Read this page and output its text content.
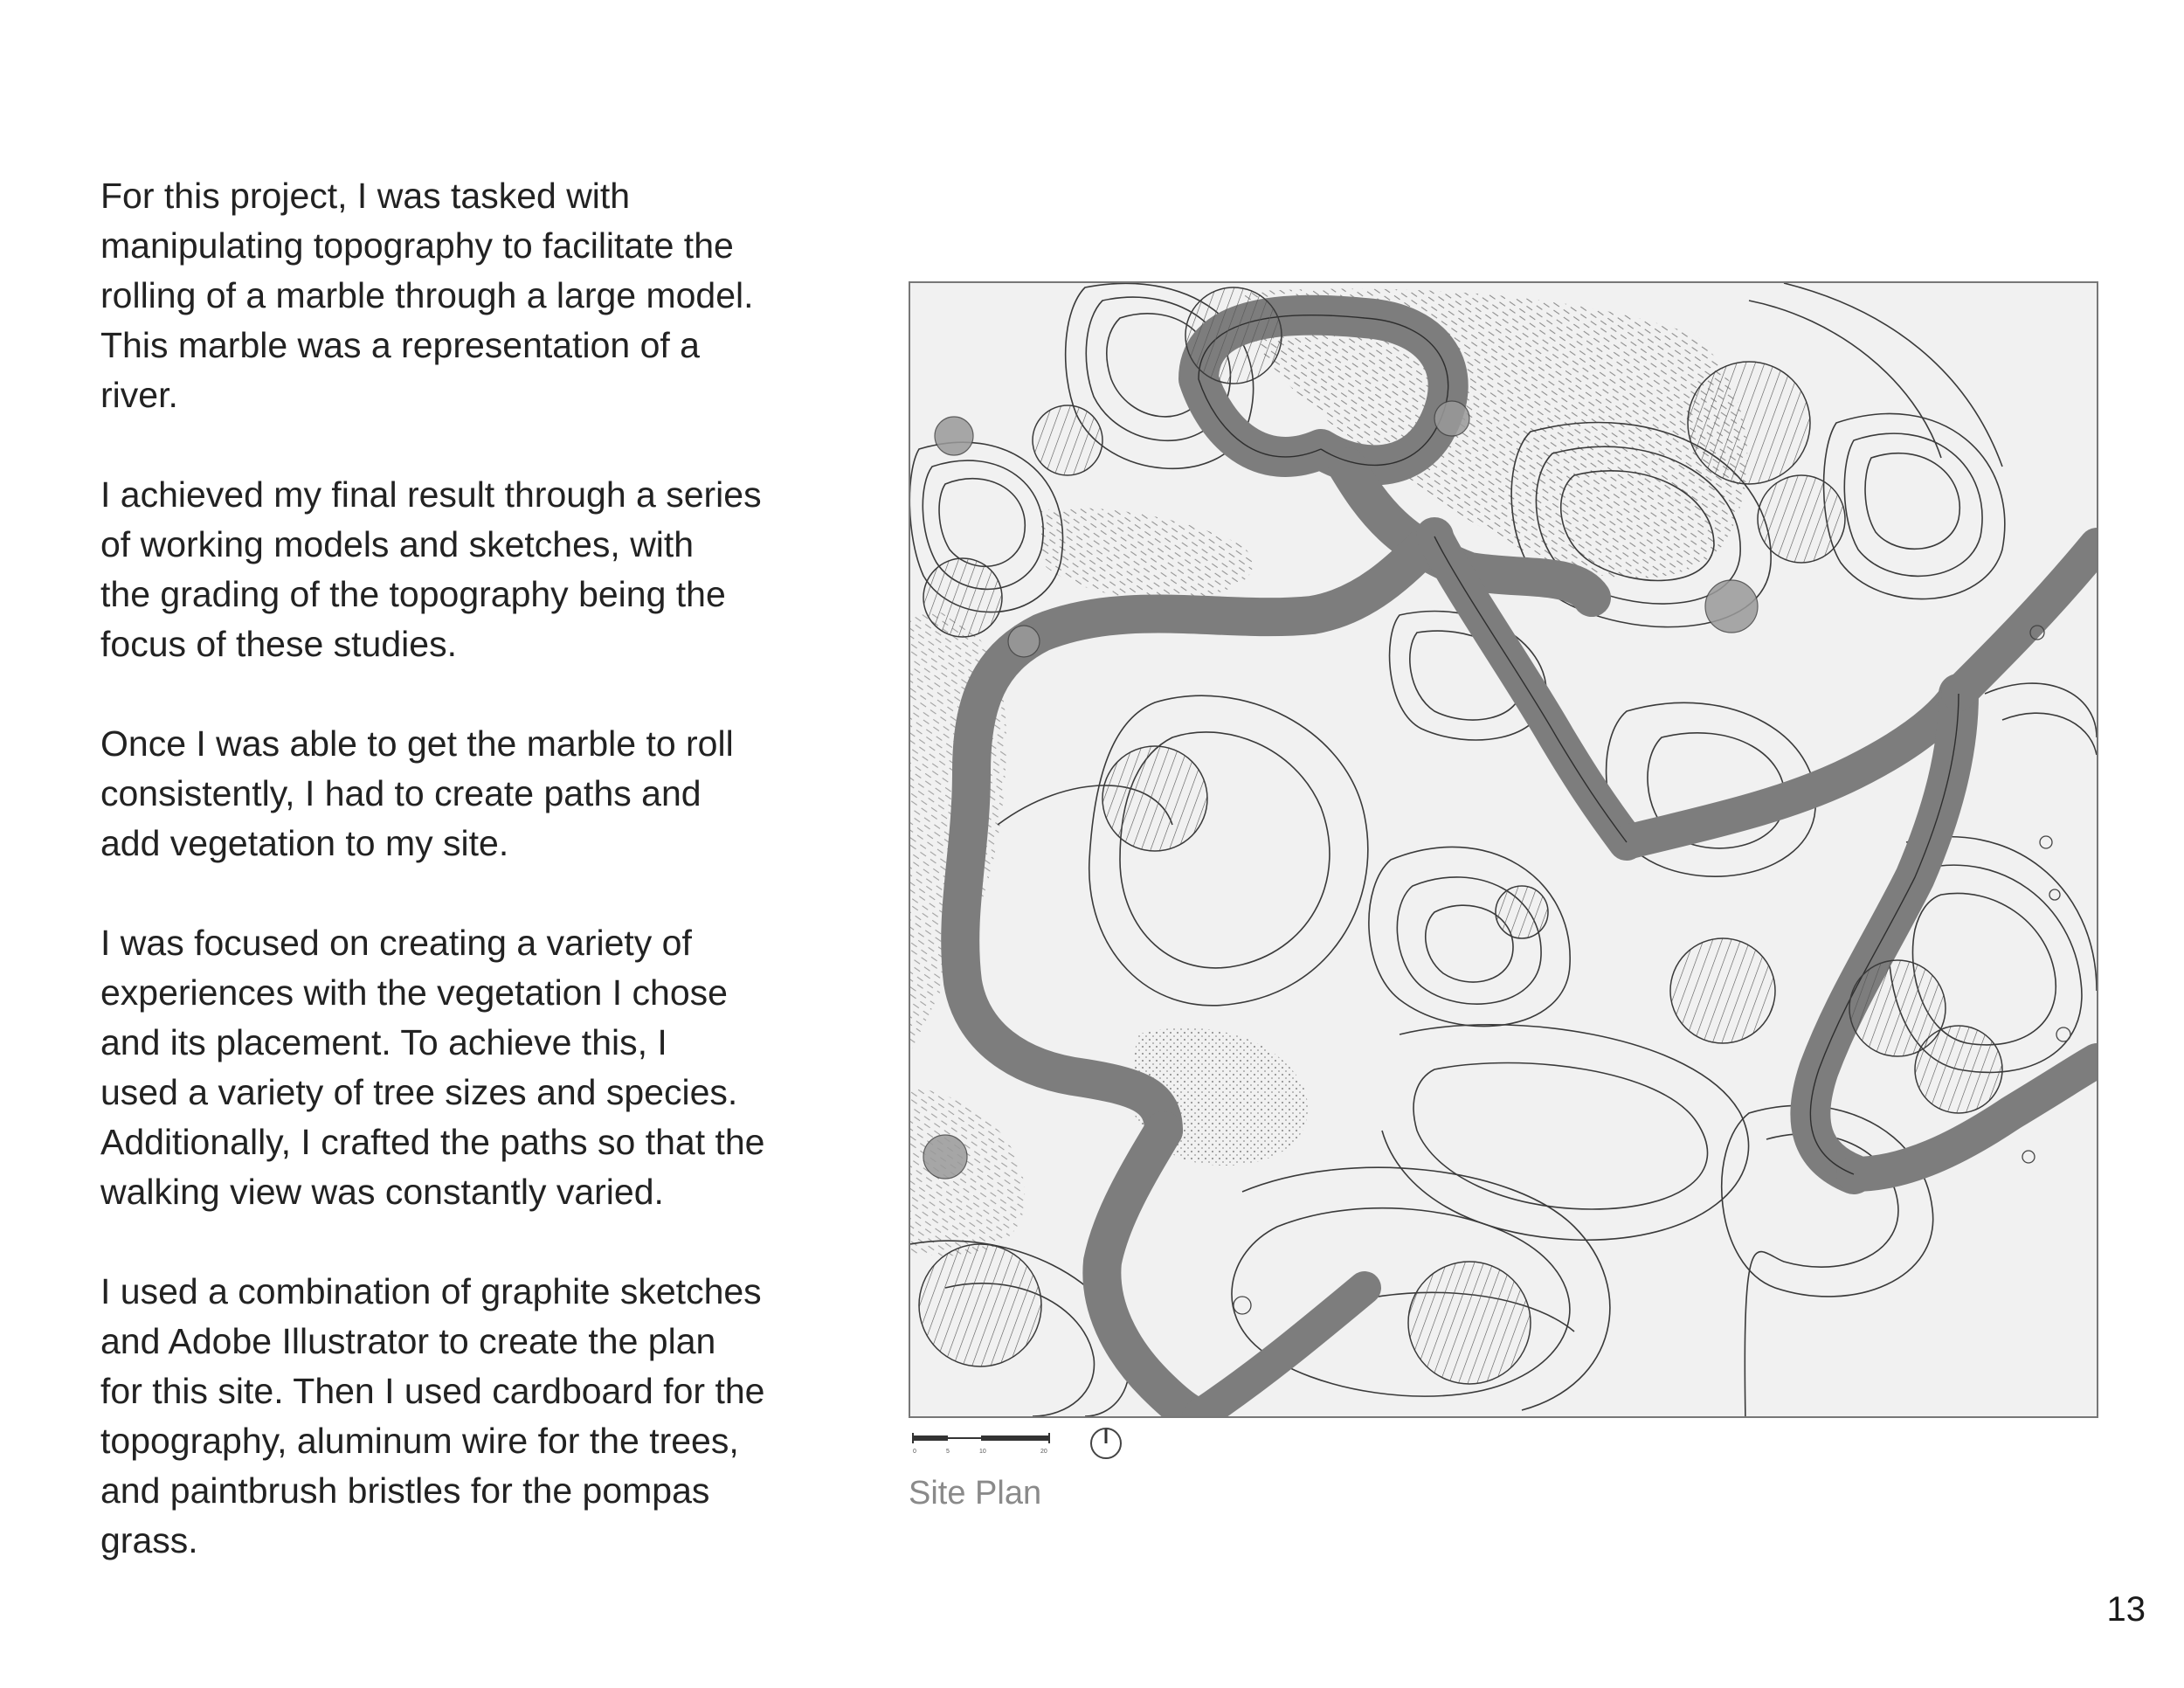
For this project, I was tasked with
manipulating topography to facilitate the
rolling of a marble through a large model.
This marble was a representation of a
river.

I achieved my final result through a series
of working models and sketches, with
the grading of the topography being the
focus of these studies.

Once I was able to get the marble to roll
consistently, I had to create paths and
add vegetation to my site.

I was focused on creating a variety of
experiences with the vegetation I chose
and its placement. To achieve this, I
used a variety of tree sizes and species.
Additionally, I crafted the paths so that the
walking view was constantly varied.

I used a combination of graphite sketches
and Adobe Illustrator to create the plan
for this site. Then I used cardboard for the
topography, aluminum wire for the trees,
and paintbrush bristles for the pompas
grass.

0	5	10	20
Site Plan
13
